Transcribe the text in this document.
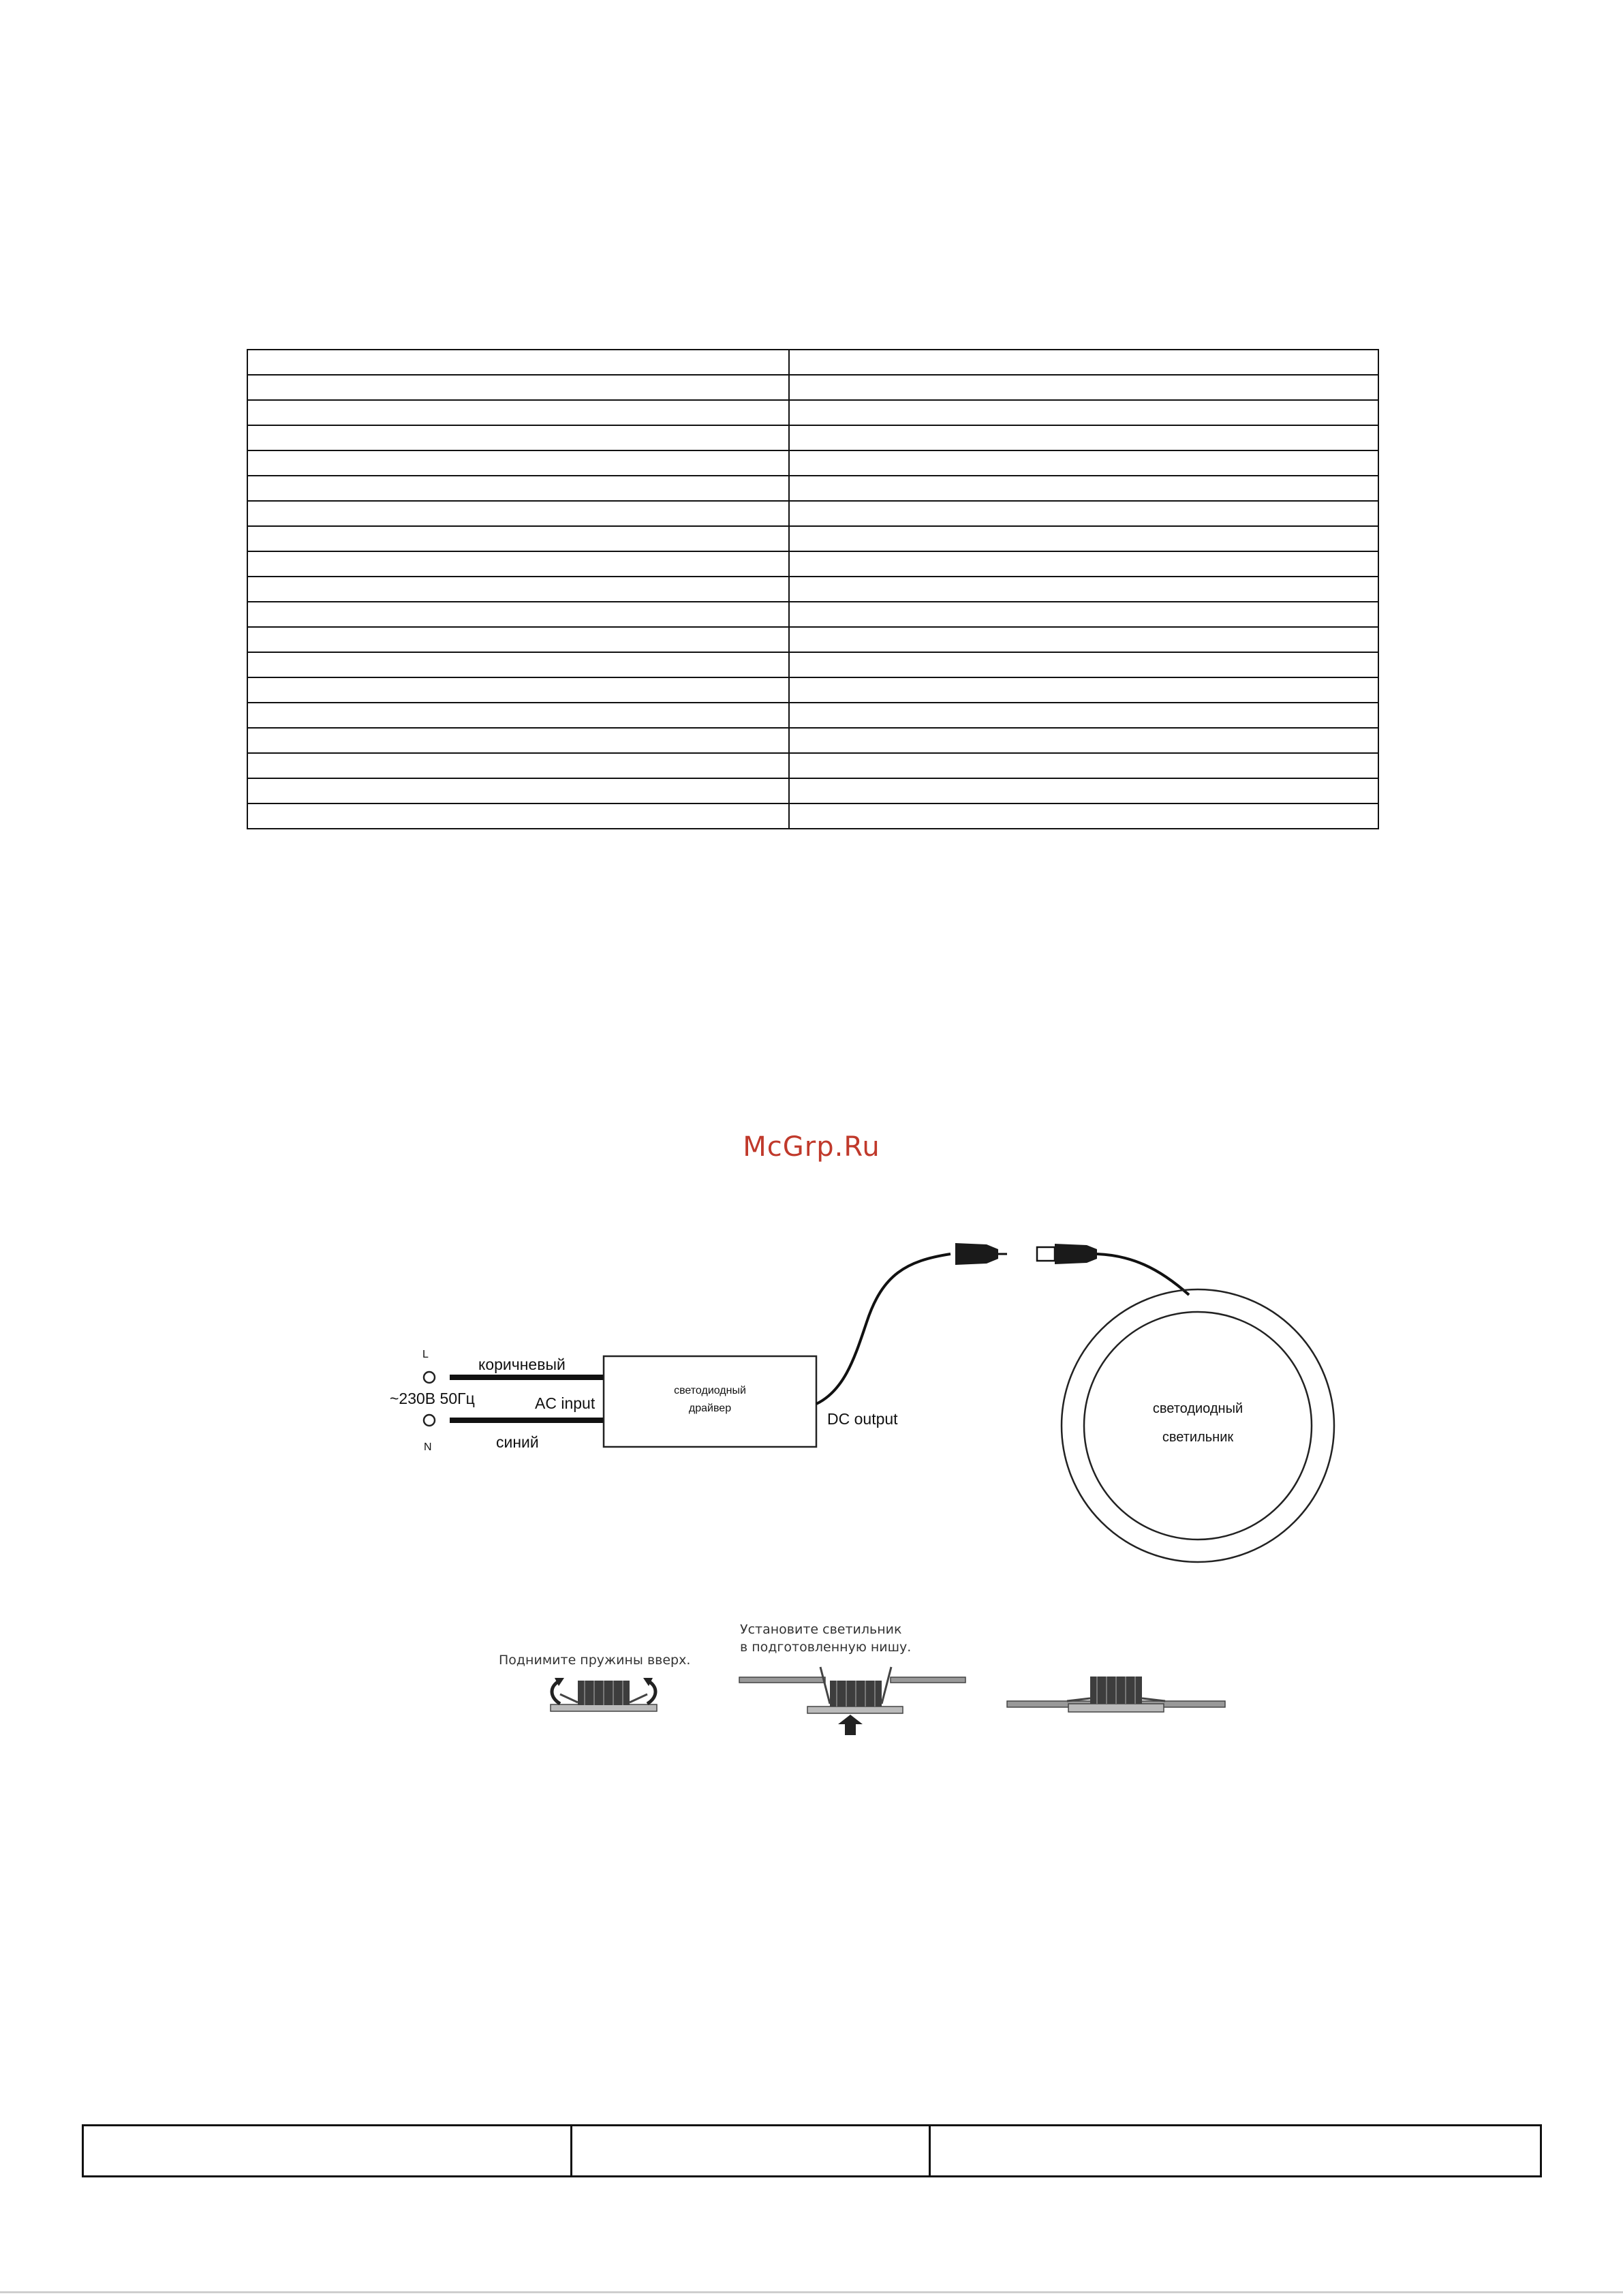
McGrp.Ru
L
N
~230В 50Гц
коричневый
синий
AC input
светодиодный
драйвер
DC output
светодиодный
светильник
Поднимите пружины вверх.
Установите светильник
в подготовленную нишу.
